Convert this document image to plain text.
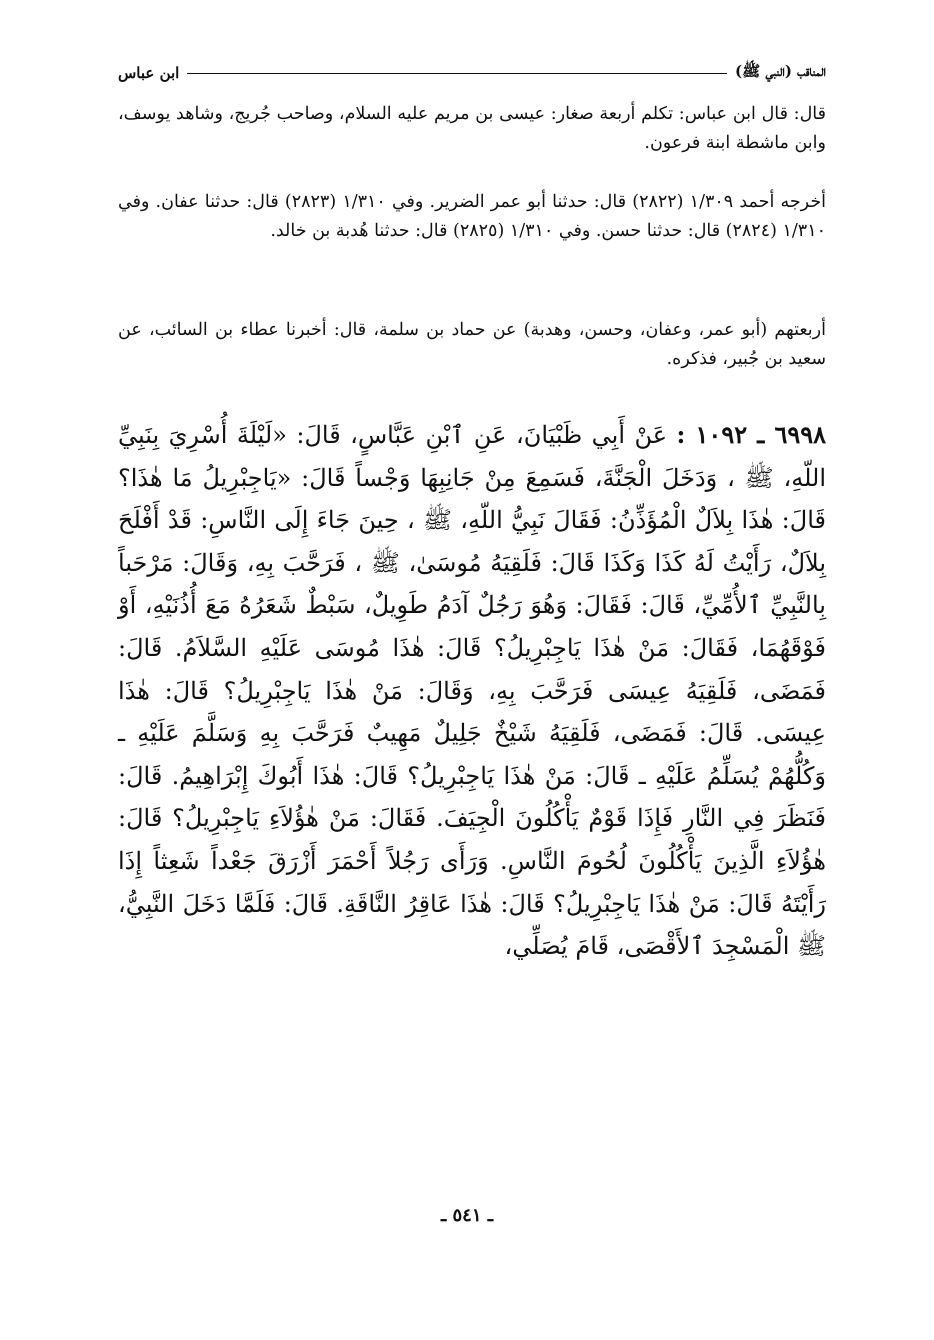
المناقب (النبي ﷺ)
ابن عباس

قال: قال ابن عباس: تكلم أربعة صغار: عيسى بن مريم عليه السلام، وصاحب جُريج، وشاهد يوسف، وابن ماشطة ابنة فرعون.

أخرجه أحمد ١/٣٠٩ (٢٨٢٢) قال: حدثنا أبو عمر الضرير. وفي ١/٣١٠ (٢٨٢٣) قال: حدثنا عفان. وفي ١/٣١٠ (٢٨٢٤) قال: حدثنا حسن. وفي ١/٣١٠ (٢٨٢٥) قال: حدثنا هُدبة بن خالد.

أربعتهم (أبو عمر، وعفان، وحسن، وهدبة) عن حماد بن سلمة، قال: أخبرنا عطاء بن السائب، عن سعيد بن جُبير، فذكره.

٦٩٩٨ ـ ١٠٩٢ : عَنْ أَبِي ظَبْيَانَ، عَنِ ٱبْنِ عَبَّاسٍ، قَالَ: «لَيْلَةَ أُسْرِيَ بِنَبِيِّ اللّهِ، ﷺ ، وَدَخَلَ الْجَنَّةَ، فَسَمِعَ مِنْ جَانِبِهَا وَجْساً قَالَ: «يَاجِبْرِيلُ مَا هٰذَا؟ قَالَ: هٰذَا بِلاَلٌ الْمُؤَذِّنُ: فَقَالَ نَبِيُّ اللّهِ، ﷺ ، حِينَ جَاءَ إِلَى النَّاسِ: قَدْ أَفْلَحَ بِلاَلٌ، رَأَيْتُ لَهُ كَذَا وَكَذَا قَالَ: فَلَقِيَهُ مُوسَىٰ، ﷺ ، فَرَحَّبَ بِهِ، وَقَالَ: مَرْحَباً بِالنَّبِيِّ ٱلأُمِّيِّ، قَالَ: فَقَالَ: وَهُوَ رَجُلٌ آدَمُ طَوِيلٌ، سَبْطٌ شَعَرُهُ مَعَ أُذُنَيْهِ، أَوْ فَوْقَهُمَا، فَقَالَ: مَنْ هٰذَا يَاجِبْرِيلُ؟ قَالَ: هٰذَا مُوسَى عَلَيْهِ السَّلاَمُ. قَالَ: فَمَضَى، فَلَقِيَهُ عِيسَى فَرَحَّبَ بِهِ، وَقَالَ: مَنْ هٰذَا يَاجِبْرِيلُ؟ قَالَ: هٰذَا عِيسَى. قَالَ: فَمَضَى، فَلَقِيَهُ شَيْخٌ جَلِيلٌ مَهِيبٌ فَرَحَّبَ بِهِ وَسَلَّمَ عَلَيْهِ ـ وَكُلُّهُمْ يُسَلِّمُ عَلَيْهِ ـ قَالَ: مَنْ هٰذَا يَاجِبْرِيلُ؟ قَالَ: هٰذَا أَبُوكَ إِبْرَاهِيمُ. قَالَ: فَنَظَرَ فِي النَّارِ فَإِذَا قَوْمٌ يَأْكُلُونَ الْجِيَفَ. فَقَالَ: مَنْ هٰؤُلاَءِ يَاجِبْرِيلُ؟ قَالَ: هٰؤُلاَءِ الَّذِينَ يَأْكُلُونَ لُحُومَ النَّاسِ. وَرَأَى رَجُلاً أَحْمَرَ أَزْرَقَ جَعْداً شَعِثاً إِذَا رَأَيْتَهُ قَالَ: مَنْ هٰذَا يَاجِبْرِيلُ؟ قَالَ: هٰذَا عَاقِرُ النَّاقَةِ. قَالَ: فَلَمَّا دَخَلَ النَّبِيُّ، ﷺ الْمَسْجِدَ ٱلأَقْصَى، قَامَ يُصَلِّي،
ـ ٥٤١ ـ
